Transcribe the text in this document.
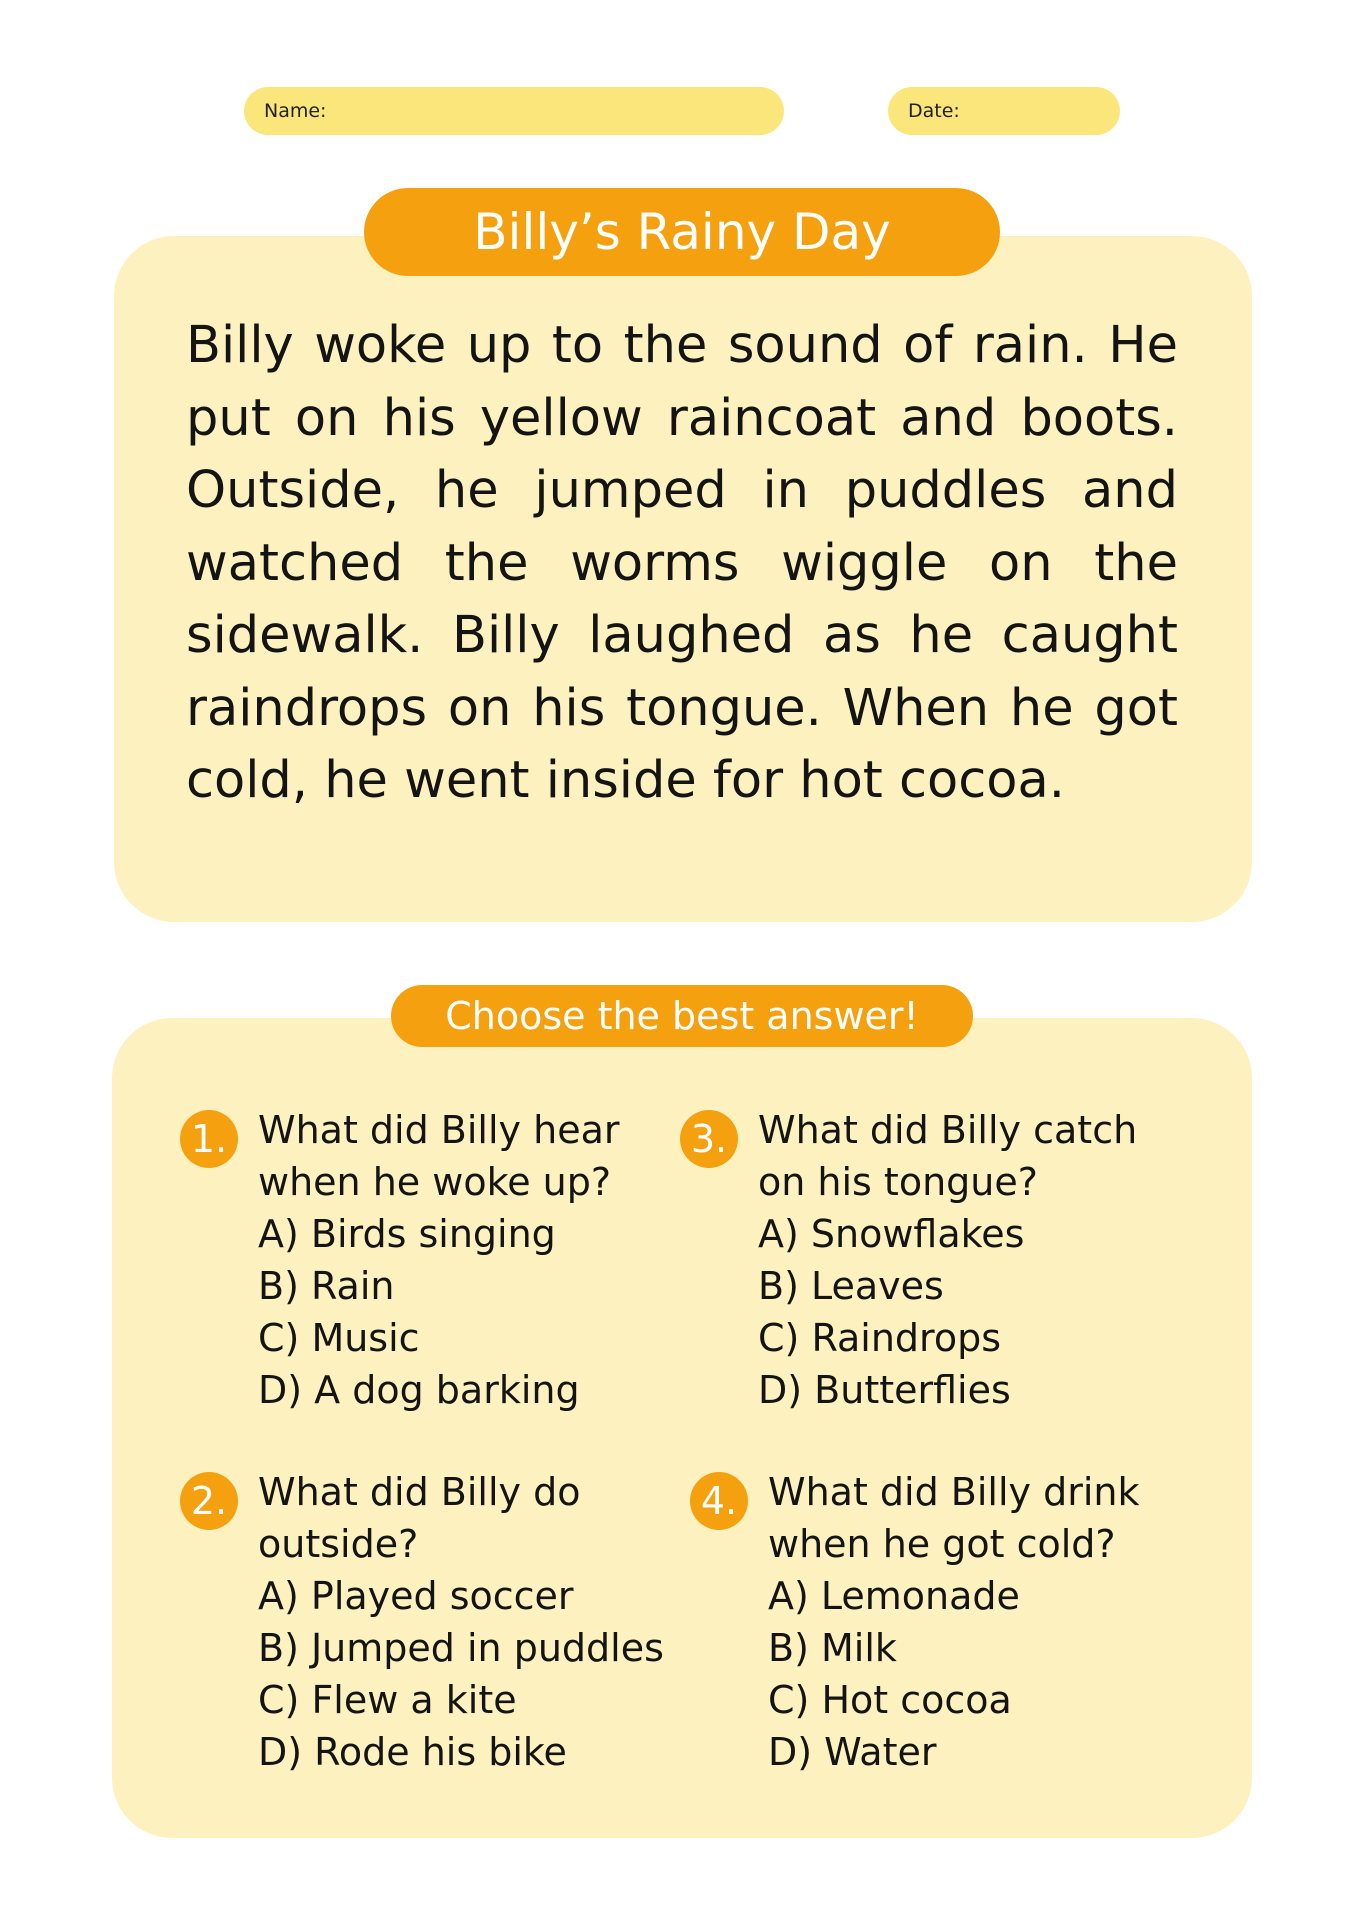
Name:	Date:
Billy’s Rainy Day

Billy woke up to the sound of rain. He put on his yellow raincoat and boots. Outside, he jumped in puddles and watched the worms wiggle on the sidewalk. Billy laughed as he caught raindrops on his tongue. When he got cold, he went inside for hot cocoa.

Choose the best answer!
1. What did Billy hear
when he woke up?
A) Birds singing
B) Rain
C) Music
D) A dog barking
2. What did Billy do
outside?
A) Played soccer
B) Jumped in puddles
C) Flew a kite
D) Rode his bike
3. What did Billy catch
on his tongue?
A) Snowflakes
B) Leaves
C) Raindrops
D) Butterflies
4. What did Billy drink
when he got cold?
A) Lemonade
B) Milk
C) Hot cocoa
D) Water
